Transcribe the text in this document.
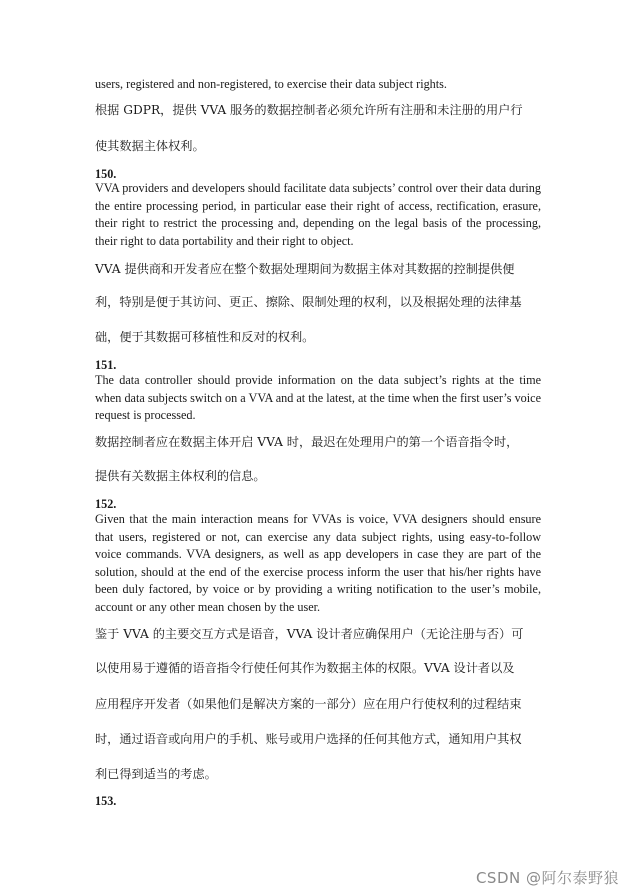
users, registered and non-registered, to exercise their data subject rights.

根据 GDPR，提供 VVA 服务的数据控制者必须允许所有注册和未注册的用户行

使其数据主体权利。

150.

VVA providers and developers should facilitate data subjects’ control over their data during the entire processing period, in particular ease their right of access, rectification, erasure, their right to restrict the processing and, depending on the legal basis of the processing, their right to data portability and their right to object.

VVA 提供商和开发者应在整个数据处理期间为数据主体对其数据的控制提供便

利，特别是便于其访问、更正、擦除、限制处理的权利，以及根据处理的法律基

础，便于其数据可移植性和反对的权利。

151.

The data controller should provide information on the data subject’s rights at the time when data subjects switch on a VVA and at the latest, at the time when the first user’s voice request is processed.

数据控制者应在数据主体开启 VVA 时，最迟在处理用户的第一个语音指令时，

提供有关数据主体权利的信息。

152.

Given that the main interaction means for VVAs is voice, VVA designers should ensure that users, registered or not, can exercise any data subject rights, using easy-to-follow voice commands. VVA designers, as well as app developers in case they are part of the solution, should at the end of the exercise process inform the user that his/her rights have been duly factored, by voice or by providing a writing notification to the user’s mobile, account or any other mean chosen by the user.

鉴于 VVA 的主要交互方式是语音，VVA 设计者应确保用户（无论注册与否）可

以使用易于遵循的语音指令行使任何其作为数据主体的权限。VVA 设计者以及

应用程序开发者（如果他们是解决方案的一部分）应在用户行使权利的过程结束

时，通过语音或向用户的手机、账号或用户选择的任何其他方式，通知用户其权

利已得到适当的考虑。

153.

CSDN @阿尔泰野狼
